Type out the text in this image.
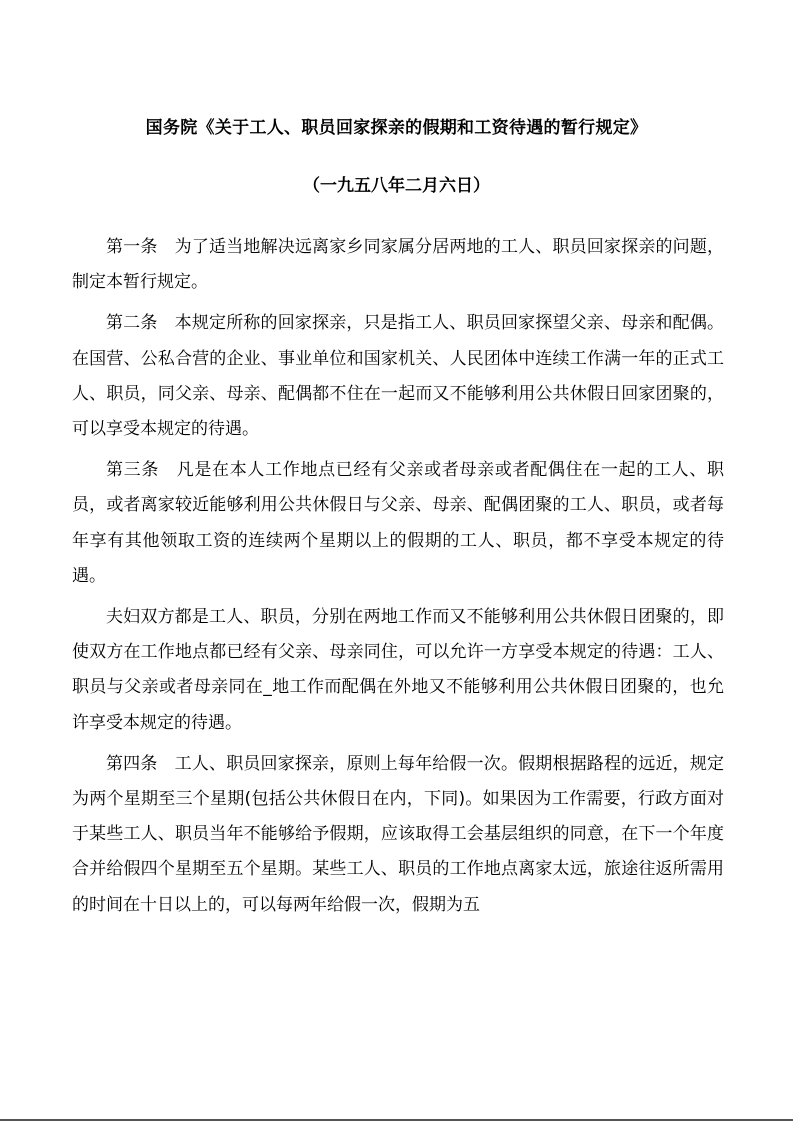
国务院《关于工人、职员回家探亲的假期和工资待遇的暂行规定》
（一九五八年二月六日）

第一条　为了适当地解决远离家乡同家属分居两地的工人、职员回家探亲的问题，制定本暂行规定。

第二条　本规定所称的回家探亲，只是指工人、职员回家探望父亲、母亲和配偶。在国营、公私合营的企业、事业单位和国家机关、人民团体中连续工作满一年的正式工人、职员，同父亲、母亲、配偶都不住在一起而又不能够利用公共休假日回家团聚的，可以享受本规定的待遇。

第三条　凡是在本人工作地点已经有父亲或者母亲或者配偶住在一起的工人、职员，或者离家较近能够利用公共休假日与父亲、母亲、配偶团聚的工人、职员，或者每年享有其他领取工资的连续两个星期以上的假期的工人、职员，都不享受本规定的待遇。

夫妇双方都是工人、职员，分别在两地工作而又不能够利用公共休假日团聚的，即使双方在工作地点都已经有父亲、母亲同住，可以允许一方享受本规定的待遇：工人、职员与父亲或者母亲同在_地工作而配偶在外地又不能够利用公共休假日团聚的，也允许享受本规定的待遇。

第四条　工人、职员回家探亲，原则上每年给假一次。假期根据路程的远近，规定为两个星期至三个星期(包括公共休假日在内，下同)。如果因为工作需要，行政方面对于某些工人、职员当年不能够给予假期，应该取得工会基层组织的同意，在下一个年度合并给假四个星期至五个星期。某些工人、职员的工作地点离家太远，旅途往返所需用的时间在十日以上的，可以每两年给假一次，假期为五
